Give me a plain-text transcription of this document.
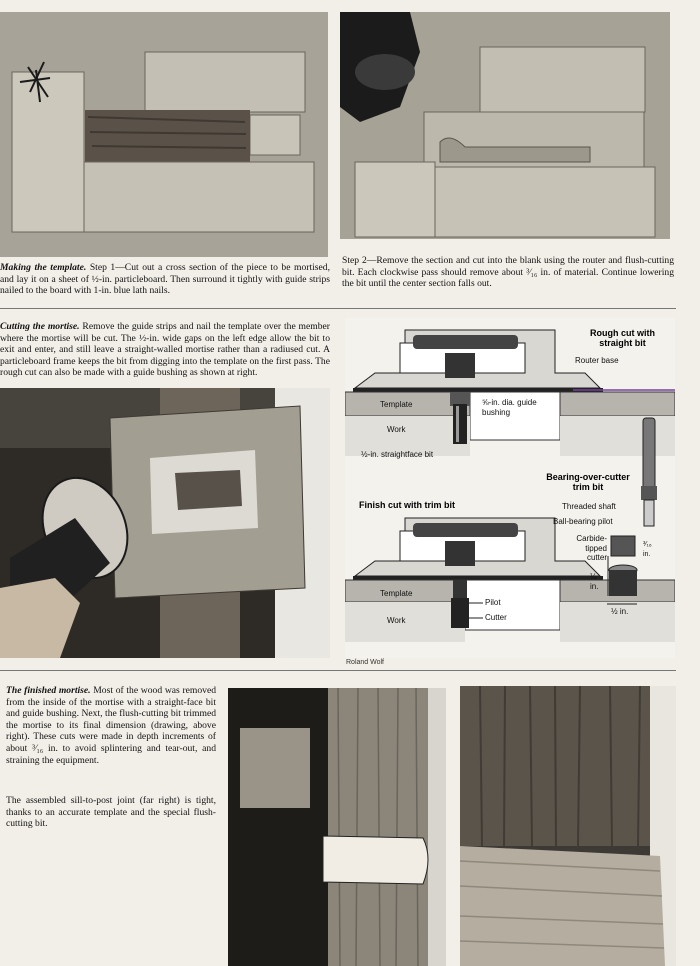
Making the template. Step 1—Cut out a cross section of the piece to be mortised, and lay it on a sheet of ½-in. particleboard. Then surround it tightly with guide strips nailed to the board with 1-in. blue lath nails.
Step 2—Remove the section and cut into the blank using the router and flush-cutting bit. Each clockwise pass should remove about ³⁄₁₆ in. of material. Continue lowering the bit until the center section falls out.
Cutting the mortise. Remove the guide strips and nail the template over the member where the mortise will be cut. The ½-in. wide gaps on the left edge allow the bit to exit and enter, and still leave a straight-walled mortise rather than a radiused cut. A particleboard frame keeps the bit from digging into the template on the first pass. The rough cut can also be made with a guide bushing as shown at right.
Rough cut with straight bit
Bearing-over-cutter trim bit
Finish cut with trim bit
Router base
Template
Work
⅝-in. dia. guide bushing
½-in. straightface bit
Threaded shaft
Ball-bearing pilot
Carbide-tipped cutter
³⁄₁₆ in.
½ in.
½ in.
Template
Work
Pilot
Cutter
Roland Wolf
The finished mortise. Most of the wood was removed from the inside of the mortise with a straight-face bit and guide bushing. Next, the flush-cutting bit trimmed the mortise to its final dimension (drawing, above right). These cuts were made in depth increments of about ³⁄₁₆ in. to avoid splintering and tear-out, and straining the equipment.
The assembled sill-to-post joint (far right) is tight, thanks to an accurate template and the special flush-cutting bit.
